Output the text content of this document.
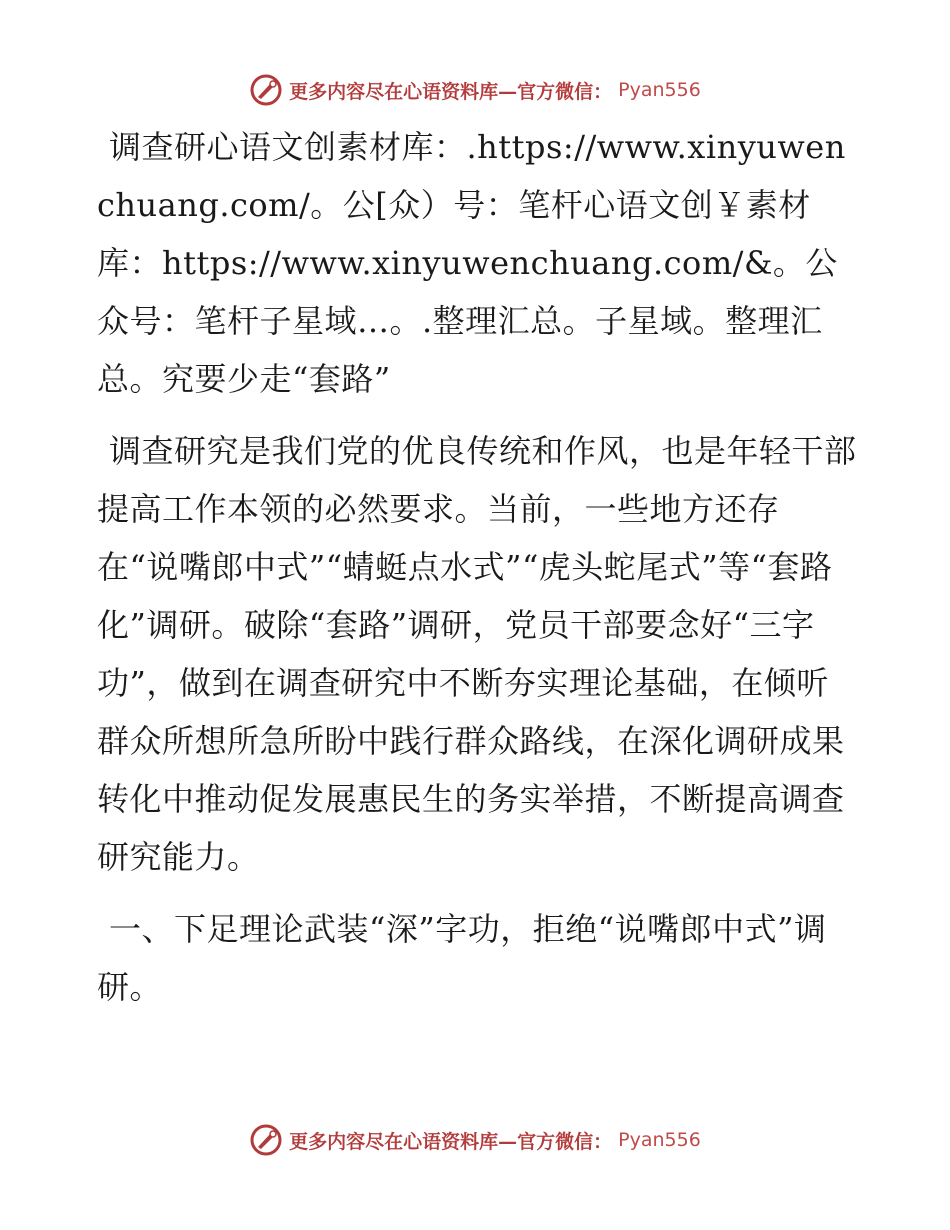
更多内容尽在心语资料库—官方微信： Pyan556

调查研心语文创素材库：.https://www.xinyuwenchuang.com/。公[众）号：笔杆心语文创￥素材库：https://www.xinyuwenchuang.com/&。公众号：笔杆子星域…。.整理汇总。子星域。整理汇总。究要少走“套路”

调查研究是我们党的优良传统和作风，也是年轻干部提高工作本领的必然要求。当前，一些地方还存在“说嘴郎中式”“蜻蜓点水式”“虎头蛇尾式”等“套路化”调研。破除“套路”调研，党员干部要念好“三字功”，做到在调查研究中不断夯实理论基础，在倾听群众所想所急所盼中践行群众路线，在深化调研成果转化中推动促发展惠民生的务实举措，不断提高调查研究能力。

一、下足理论武装“深”字功，拒绝“说嘴郎中式”调研。

更多内容尽在心语资料库—官方微信： Pyan556
